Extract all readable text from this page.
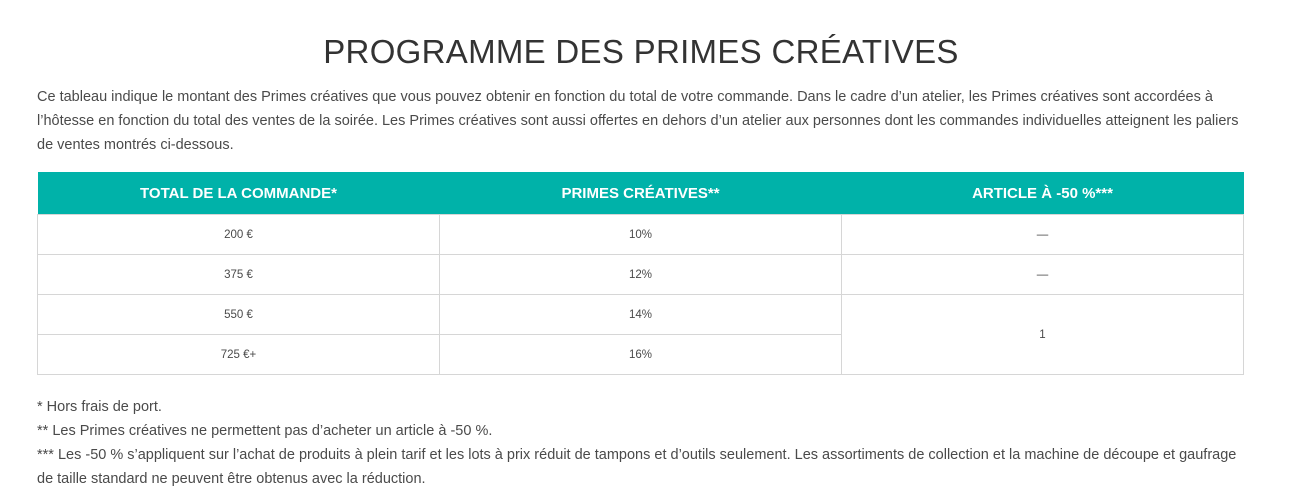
PROGRAMME DES PRIMES CRÉATIVES

Ce tableau indique le montant des Primes créatives que vous pouvez obtenir en fonction du total de votre commande. Dans le cadre d’un atelier, les Primes créatives sont accordées à l’hôtesse en fonction du total des ventes de la soirée. Les Primes créatives sont aussi offertes en dehors d’un atelier aux personnes dont les commandes individuelles atteignent les paliers de ventes montrés ci-dessous.

TOTAL DE LA COMMANDE*	PRIMES CRÉATIVES**	ARTICLE À -50 %***
200 €	10%	—
375 €	12%	—
550 €	14%	1
725 €+	16%	

* Hors frais de port.

** Les Primes créatives ne permettent pas d’acheter un article à -50 %.

*** Les -50 % s’appliquent sur l’achat de produits à plein tarif et les lots à prix réduit de tampons et d’outils seulement. Les assortiments de collection et la machine de découpe et gaufrage de taille standard ne peuvent être obtenus avec la réduction.
